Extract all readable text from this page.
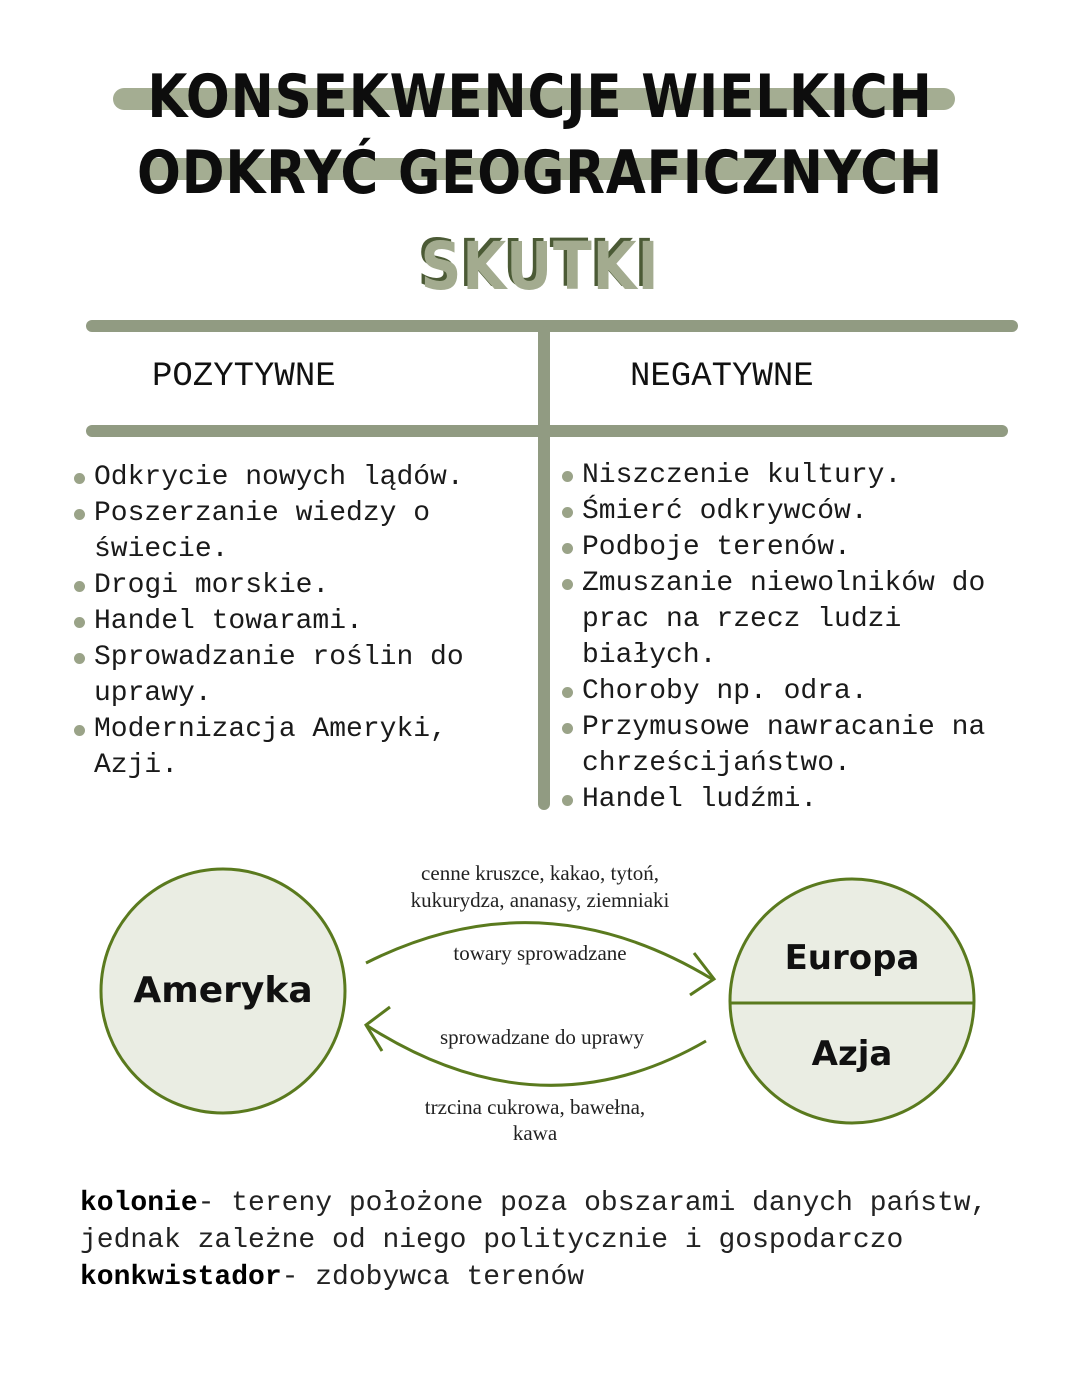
KONSEKWENCJE WIELKICH
ODKRYĆ GEOGRAFICZNYCH
SKUTKI
POZYTYWNE	NEGATYWNE
Odkrycie nowych lądów.
Poszerzanie wiedzy o świecie.
Drogi morskie.
Handel towarami.
Sprowadzanie roślin do uprawy.
Modernizacja Ameryki, Azji.
Niszczenie kultury.
Śmierć odkrywców.
Podboje terenów.
Zmuszanie niewolników do prac na rzecz ludzi białych.
Choroby np. odra.
Przymusowe nawracanie na chrześcijaństwo.
Handel ludźmi.
Ameryka
Europa
Azja
cenne kruszce, kakao, tytoń,
kukurydza, ananasy, ziemniaki
towary sprowadzane
sprowadzane do uprawy
trzcina cukrowa, bawełna,
kawa
kolonie- tereny położone poza obszarami danych państw, jednak zależne od niego politycznie i gospodarczo
konkwistador- zdobywca terenów
